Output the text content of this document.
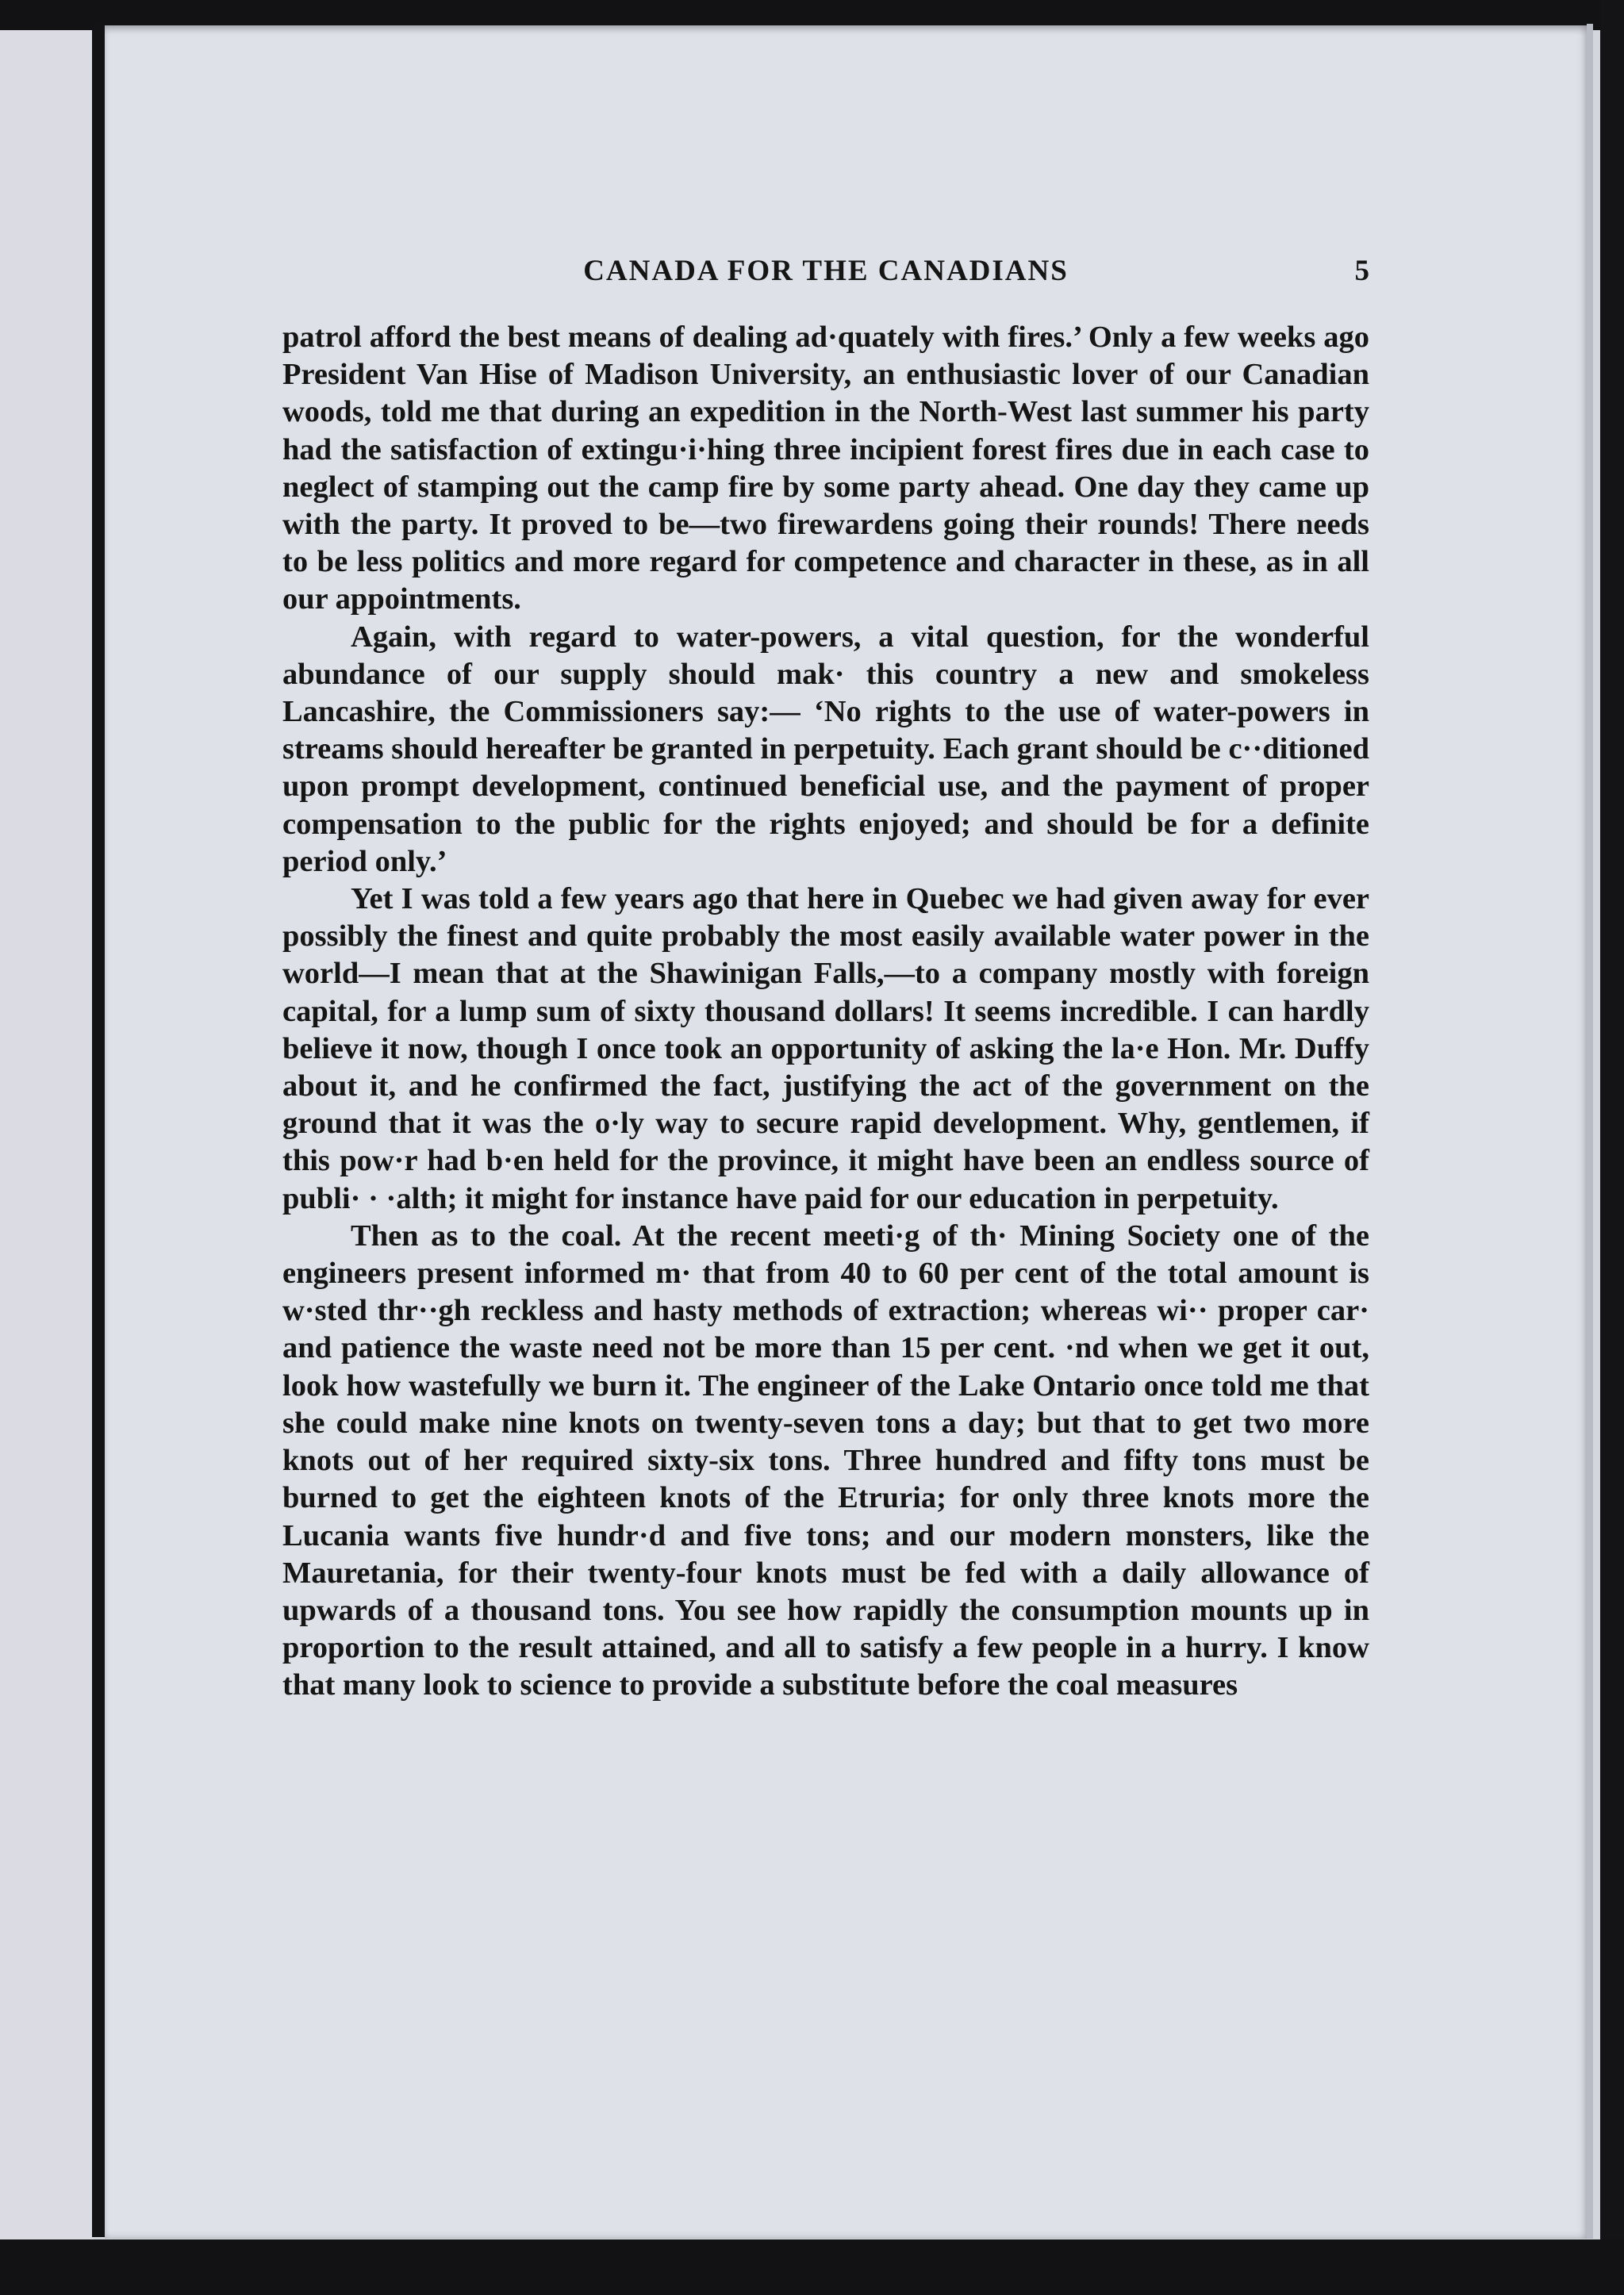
CANADA FOR THE CANADIANS	5

patrol afford the best means of dealing ad·quately with fires.’ Only a few weeks ago President Van Hise of Madison University, an enthusiastic lover of our Canadian woods, told me that during an expedition in the North-West last summer his party had the satisfaction of extingu·i·hing three incipient forest fires due in each case to neglect of stamping out the camp fire by some party ahead. One day they came up with the party. It proved to be—two firewardens going their rounds! There needs to be less politics and more regard for competence and character in these, as in all our appointments.

Again, with regard to water-powers, a vital question, for the wonderful abundance of our supply should mak· this country a new and smokeless Lancashire, the Commissioners say:— ‘No rights to the use of water-powers in streams should hereafter be granted in perpetuity. Each grant should be c··ditioned upon prompt development, continued beneficial use, and the payment of proper compensation to the public for the rights enjoyed; and should be for a definite period only.’

Yet I was told a few years ago that here in Quebec we had given away for ever possibly the finest and quite probably the most easily available water power in the world—I mean that at the Shawinigan Falls,—to a company mostly with foreign capital, for a lump sum of sixty thousand dollars! It seems incredible. I can hardly believe it now, though I once took an opportunity of asking the la·e Hon. Mr. Duffy about it, and he confirmed the fact, justifying the act of the government on the ground that it was the o·ly way to secure rapid development. Why, gentlemen, if this pow·r had b·en held for the province, it might have been an endless source of publi· · ·alth; it might for instance have paid for our education in perpetuity.

Then as to the coal. At the recent meeti·g of th· Mining Society one of the engineers present informed m· that from 40 to 60 per cent of the total amount is w·sted thr··gh reckless and hasty methods of extraction; whereas wi·· proper car· and patience the waste need not be more than 15 per cent. ·nd when we get it out, look how wastefully we burn it. The engineer of the Lake Ontario once told me that she could make nine knots on twenty-seven tons a day; but that to get two more knots out of her required sixty-six tons. Three hundred and fifty tons must be burned to get the eighteen knots of the Etruria; for only three knots more the Lucania wants five hundr·d and five tons; and our modern monsters, like the Mauretania, for their twenty-four knots must be fed with a daily allowance of upwards of a thousand tons. You see how rapidly the consumption mounts up in proportion to the result attained, and all to satisfy a few people in a hurry. I know that many look to science to provide a substitute before the coal measures
